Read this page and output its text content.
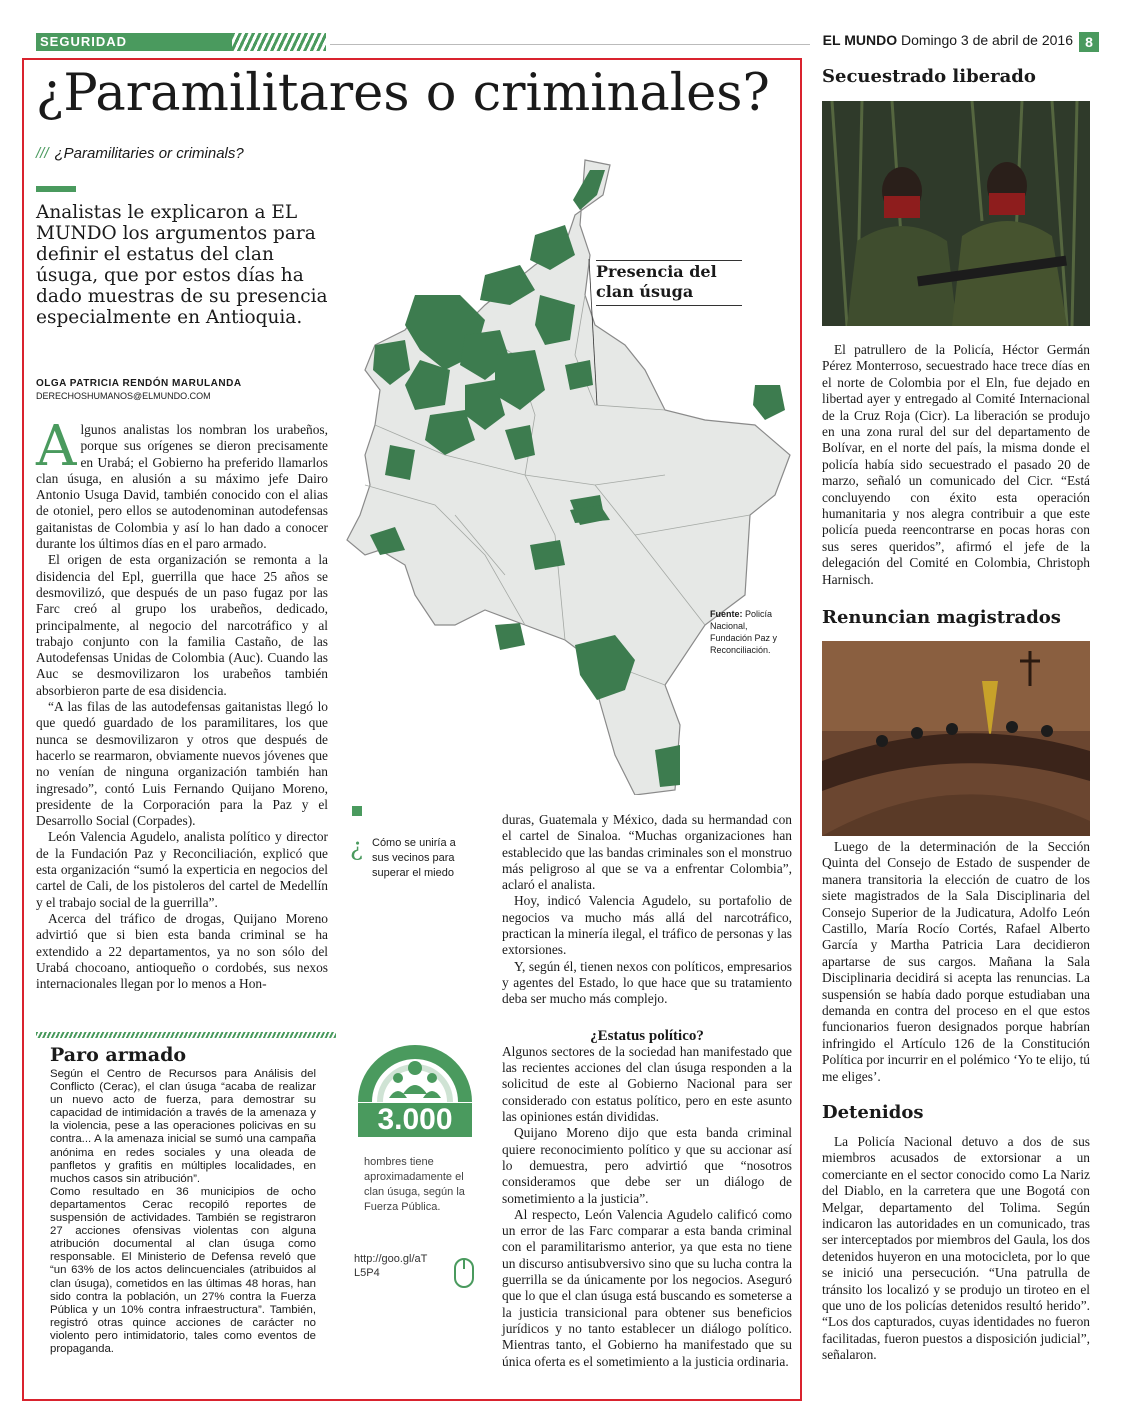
SEGURIDAD	EL MUNDO Domingo 3 de abril de 2016 8
¿Paramilitares o criminales?
/// ¿Paramilitaries or criminals?
Analistas le explicaron a EL MUNDO los argumentos para definir el estatus del clan úsuga, que por estos días ha dado muestras de su presencia especialmente en Antioquia.
OLGA PATRICIA RENDÓN MARULANDA
DERECHOSHUMANOS@ELMUNDO.COM

Algunos analistas los nombran los urabeños, porque sus orígenes se dieron precisamente en Urabá; el Gobierno ha preferido llamarlos clan úsuga, en alusión a su máximo jefe Dairo Antonio Usuga David, también conocido con el alias de otoniel, pero ellos se autodenominan autodefensas gaitanistas de Colombia y así lo han dado a conocer durante los últimos días en el paro armado.

El origen de esta organización se remonta a la disidencia del Epl, guerrilla que hace 25 años se desmovilizó, que después de un paso fugaz por las Farc creó al grupo los urabeños, dedicado, principalmente, al negocio del narcotráfico y al trabajo conjunto con la familia Castaño, de las Autodefensas Unidas de Colombia (Auc). Cuando las Auc se desmovilizaron los urabeños también absorbieron parte de esa disidencia.

“A las filas de las autodefensas gaitanistas llegó lo que quedó guardado de los paramilitares, los que nunca se desmovilizaron y otros que después de hacerlo se rearmaron, obviamente nuevos jóvenes que no venían de ninguna organización también han ingresado”, contó Luis Fernando Quijano Moreno, presidente de la Corporación para la Paz y el Desarrollo Social (Corpades).

León Valencia Agudelo, analista político y director de la Fundación Paz y Reconciliación, explicó que esta organización “sumó la experticia en negocios del cartel de Cali, de los pistoleros del cartel de Medellín y el trabajo social de la guerrilla”.

Acerca del tráfico de drogas, Quijano Moreno advirtió que si bien esta banda criminal se ha extendido a 22 departamentos, ya no son sólo del Urabá chocoano, antioqueño o cordobés, sus nexos internacionales llegan por lo menos a Hon-

Presencia del clan úsuga
Fuente: Policía Nacional, Fundación Paz y Reconciliación.
¿ Cómo se uniría a sus vecinos para superar el miedo

duras, Guatemala y México, dada su hermandad con el cartel de Sinaloa. “Muchas organizaciones han establecido que las bandas criminales son el monstruo más peligroso al que se va a enfrentar Colombia”, aclaró el analista.

Hoy, indicó Valencia Agudelo, su portafolio de negocios va mucho más allá del narcotráfico, practican la minería ilegal, el tráfico de personas y las extorsiones.

Y, según él, tienen nexos con políticos, empresarios y agentes del Estado, lo que hace que su tratamiento deba ser mucho más complejo.

¿Estatus político?

Algunos sectores de la sociedad han manifestado que las recientes acciones del clan úsuga responden a la solicitud de este al Gobierno Nacional para ser considerado con estatus político, pero en este asunto las opiniones están divididas.

Quijano Moreno dijo que esta banda criminal quiere reconocimiento político y que su accionar así lo demuestra, pero advirtió que “nosotros consideramos que debe ser un diálogo de sometimiento a la justicia”.

Al respecto, León Valencia Agudelo calificó como un error de las Farc comparar a esta banda criminal con el paramilitarismo anterior, ya que esta no tiene un discurso antisubversivo sino que su lucha contra la guerrilla se da únicamente por los negocios. Aseguró que lo que el clan úsuga está buscando es someterse a la justicia transicional para obtener sus beneficios jurídicos y no tanto establecer un diálogo político. Mientras tanto, el Gobierno ha manifestado que su única oferta es el sometimiento a la justicia ordinaria.

Paro armado

Según el Centro de Recursos para Análisis del Conflicto (Cerac), el clan úsuga “acaba de realizar un nuevo acto de fuerza, para demostrar su capacidad de intimidación a través de la amenaza y la violencia, pese a las operaciones policivas en su contra... A la amenaza inicial se sumó una campaña anónima en redes sociales y una oleada de panfletos y grafitis en múltiples localidades, en muchos casos sin atribución”.

Como resultado en 36 municipios de ocho departamentos Cerac recopiló reportes de suspensión de actividades. También se registraron 27 acciones ofensivas violentas con alguna atribución documental al clan úsuga como responsable. El Ministerio de Defensa reveló que “un 63% de los actos delincuenciales (atribuidos al clan úsuga), cometidos en las últimas 48 horas, han sido contra la población, un 27% contra la Fuerza Pública y un 10% contra infraestructura”. También, registró otras quince acciones de carácter no violento pero intimidatorio, tales como eventos de propaganda.

3.000
hombres tiene aproximadamente el clan úsuga, según la Fuerza Pública.
http://goo.gl/aTL5P4
Secuestrado liberado

El patrullero de la Policía, Héctor Germán Pérez Monterroso, secuestrado hace trece días en el norte de Colombia por el Eln, fue dejado en libertad ayer y entregado al Comité Internacional de la Cruz Roja (Cicr). La liberación se produjo en una zona rural del sur del departamento de Bolívar, en el norte del país, la misma donde el policía había sido secuestrado el pasado 20 de marzo, señaló un comunicado del Cicr. “Está concluyendo con éxito esta operación humanitaria y nos alegra contribuir a que este policía pueda reencontrarse en pocas horas con sus seres queridos”, afirmó el jefe de la delegación del Comité en Colombia, Christoph Harnisch.

Renuncian magistrados

Luego de la determinación de la Sección Quinta del Consejo de Estado de suspender de manera transitoria la elección de cuatro de los siete magistrados de la Sala Disciplinaria del Consejo Superior de la Judicatura, Adolfo León Castillo, María Rocío Cortés, Rafael Alberto García y Martha Patricia Lara decidieron apartarse de sus cargos. Mañana la Sala Disciplinaria decidirá si acepta las renuncias. La suspensión se había dado porque estudiaban una demanda en contra del proceso en el que estos funcionarios fueron designados porque habrían infringido el Artículo 126 de la Constitución Política por incurrir en el polémico ‘Yo te elijo, tú me eliges’.

Detenidos

La Policía Nacional detuvo a dos de sus miembros acusados de extorsionar a un comerciante en el sector conocido como La Nariz del Diablo, en la carretera que une Bogotá con Melgar, departamento del Tolima. Según indicaron las autoridades en un comunicado, tras ser interceptados por miembros del Gaula, los dos detenidos huyeron en una motocicleta, por lo que se inició una persecución. “Una patrulla de tránsito los localizó y se produjo un tiroteo en el que uno de los policías detenidos resultó herido”. “Los dos capturados, cuyas identidades no fueron facilitadas, fueron puestos a disposición judicial”, señalaron.
